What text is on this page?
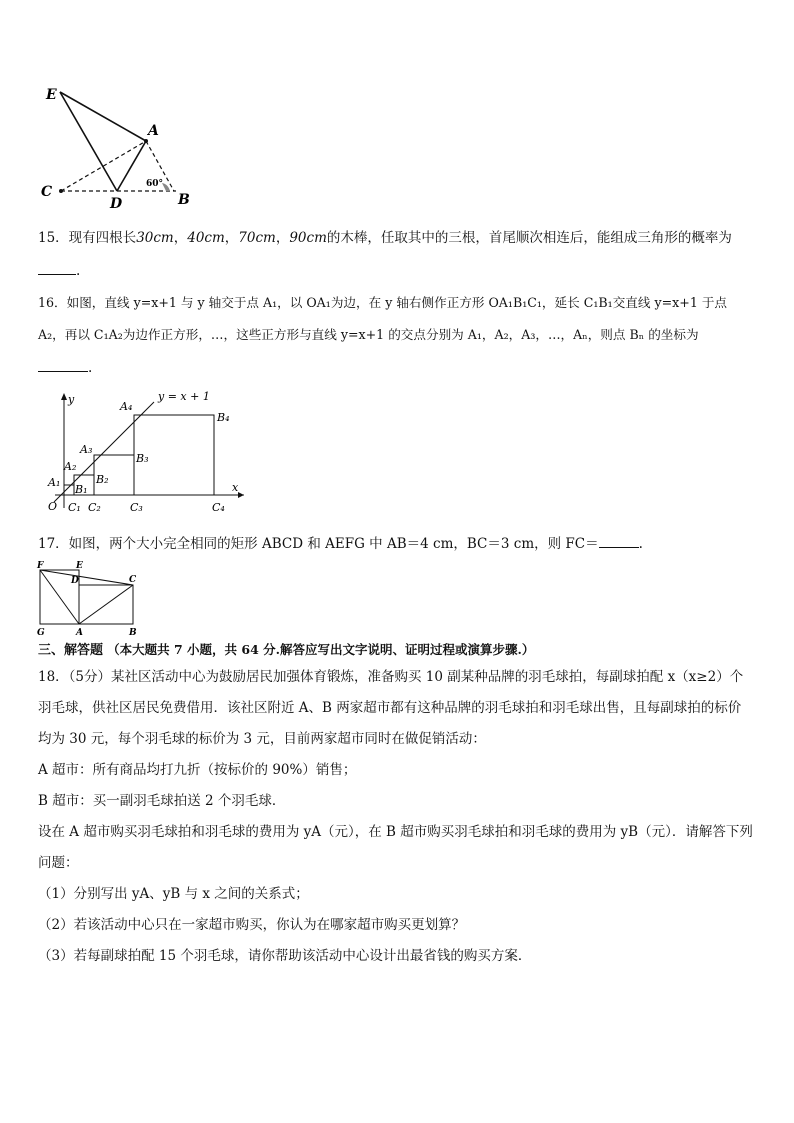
E
A
C
D	B
60°
15．现有四根长30cm，40cm，70cm，90cm的木棒，任取其中的三根，首尾顺次相连后，能组成三角形的概率为
.
16．如图，直线 y=x+1 与 y 轴交于点 A₁，以 OA₁为边，在 y 轴右侧作正方形 OA₁B₁C₁，延长 C₁B₁交直线 y=x+1 于点
A₂，再以 C₁A₂为边作正方形，…，这些正方形与直线 y=x+1 的交点分别为 A₁，A₂，A₃，…，Aₙ，则点 Bₙ 的坐标为
.
y = x + 1
x
y
O
A₁
A₂
A₃
A₄
B₁
B₂
B₃
B₄
C₁ C₂	C₃	C₄
17．如图，两个大小完全相同的矩形 ABCD 和 AEFG 中 AB＝4 cm，BC＝3 cm，则 FC＝	.
F	E
D	C
G	A	B
三、解答题 （本大题共 7 小题，共 64 分.解答应写出文字说明、证明过程或演算步骤.）
18．（5分）某社区活动中心为鼓励居民加强体育锻炼，准备购买 10 副某种品牌的羽毛球拍，每副球拍配 x（x≥2）个
羽毛球，供社区居民免费借用．该社区附近 A、B 两家超市都有这种品牌的羽毛球拍和羽毛球出售，且每副球拍的标价
均为 30 元，每个羽毛球的标价为 3 元，目前两家超市同时在做促销活动：
A 超市：所有商品均打九折（按标价的 90%）销售；
B 超市：买一副羽毛球拍送 2 个羽毛球．
设在 A 超市购买羽毛球拍和羽毛球的费用为 yA（元），在 B 超市购买羽毛球拍和羽毛球的费用为 yB（元）．请解答下列
问题：
（1）分别写出 yA、yB 与 x 之间的关系式；
（2）若该活动中心只在一家超市购买，你认为在哪家超市购买更划算？
（3）若每副球拍配 15 个羽毛球，请你帮助该活动中心设计出最省钱的购买方案．
